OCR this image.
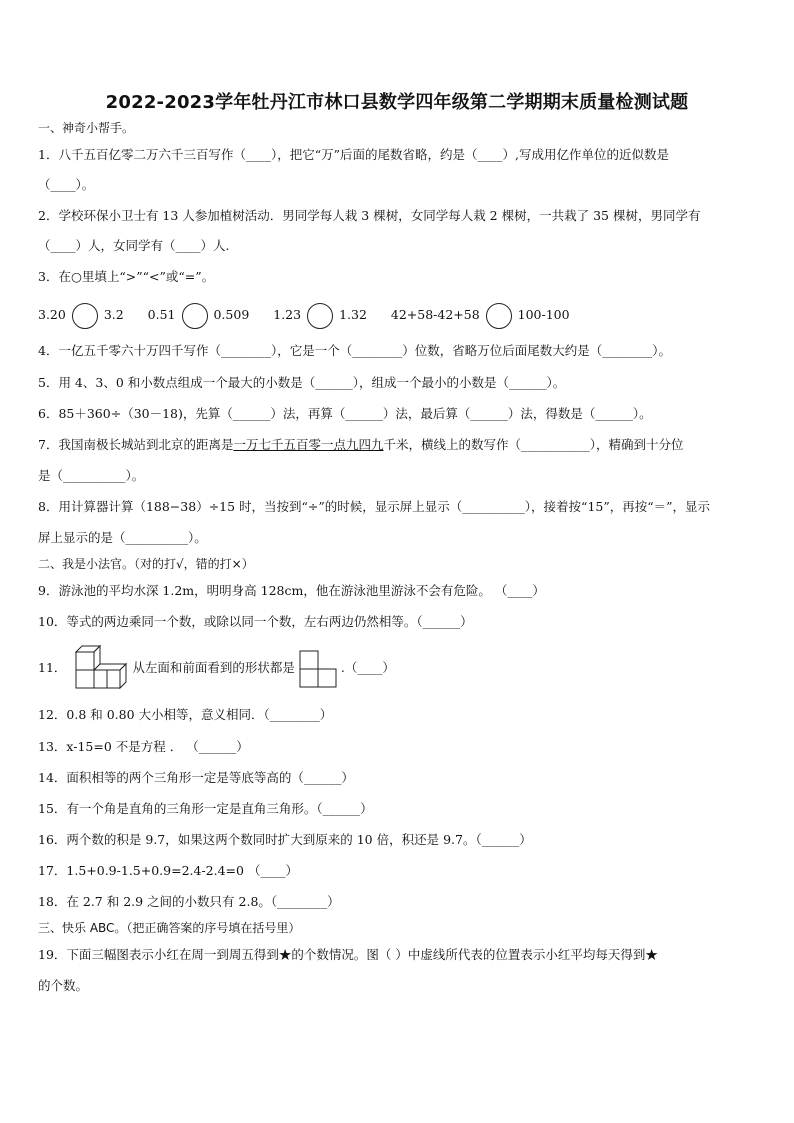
2022-2023学年牡丹江市林口县数学四年级第二学期期末质量检测试题
一、神奇小帮手。
1．八千五百亿零二万六千三百写作（____），把它“万”后面的尾数省略，约是（____）,写成用亿作单位的近似数是
（____）。
2．学校环保小卫士有 13 人参加植树活动．男同学每人栽 3 棵树，女同学每人栽 2 棵树，一共栽了 35 棵树，男同学有
（____）人，女同学有（____）人.
3．在○里填上“>”“<”或“=”。
3.20	3.2 0.51	0.509 1.23	1.32 42+58-42+58	100-100
4．一亿五千零六十万四千写作（________），它是一个（________）位数，省略万位后面尾数大约是（________）。
5．用 4、3、0 和小数点组成一个最大的小数是（______），组成一个最小的小数是（______）。
6．85＋360÷（30－18)，先算（______）法，再算（______）法，最后算（______）法，得数是（______）。
7．我国南极长城站到北京的距离是一万七千五百零一点九四九千米，横线上的数写作（___________），精确到十分位
是（__________）。
8．用计算器计算（188−38）÷15 时，当按到“÷”的时候，显示屏上显示（__________），接着按“15”，再按“＝”，显示
屏上显示的是（__________）。
二、我是小法官。（对的打√，错的打×）
9．游泳池的平均水深 1.2m，明明身高 128cm，他在游泳池里游泳不会有危险。 （____）
10．等式的两边乘同一个数，或除以同一个数，左右两边仍然相等。（______）
11．	从左面和前面看到的形状都是	.（____）
12．0.8 和 0.80 大小相等，意义相同．（________）
13．x-15=0 不是方程 ． （______）
14．面积相等的两个三角形一定是等底等高的（______）
15．有一个角是直角的三角形一定是直角三角形。（______）
16．两个数的积是 9.7，如果这两个数同时扩大到原来的 10 倍，积还是 9.7。（______）
17．1.5+0.9-1.5+0.9=2.4-2.4=0 （____）
18．在 2.7 和 2.9 之间的小数只有 2.8。（________）
三、快乐 ABC。（把正确答案的序号填在括号里）
19．下面三幅图表示小红在周一到周五得到★的个数情况。图（ ）中虚线所代表的位置表示小红平均每天得到★
的个数。
